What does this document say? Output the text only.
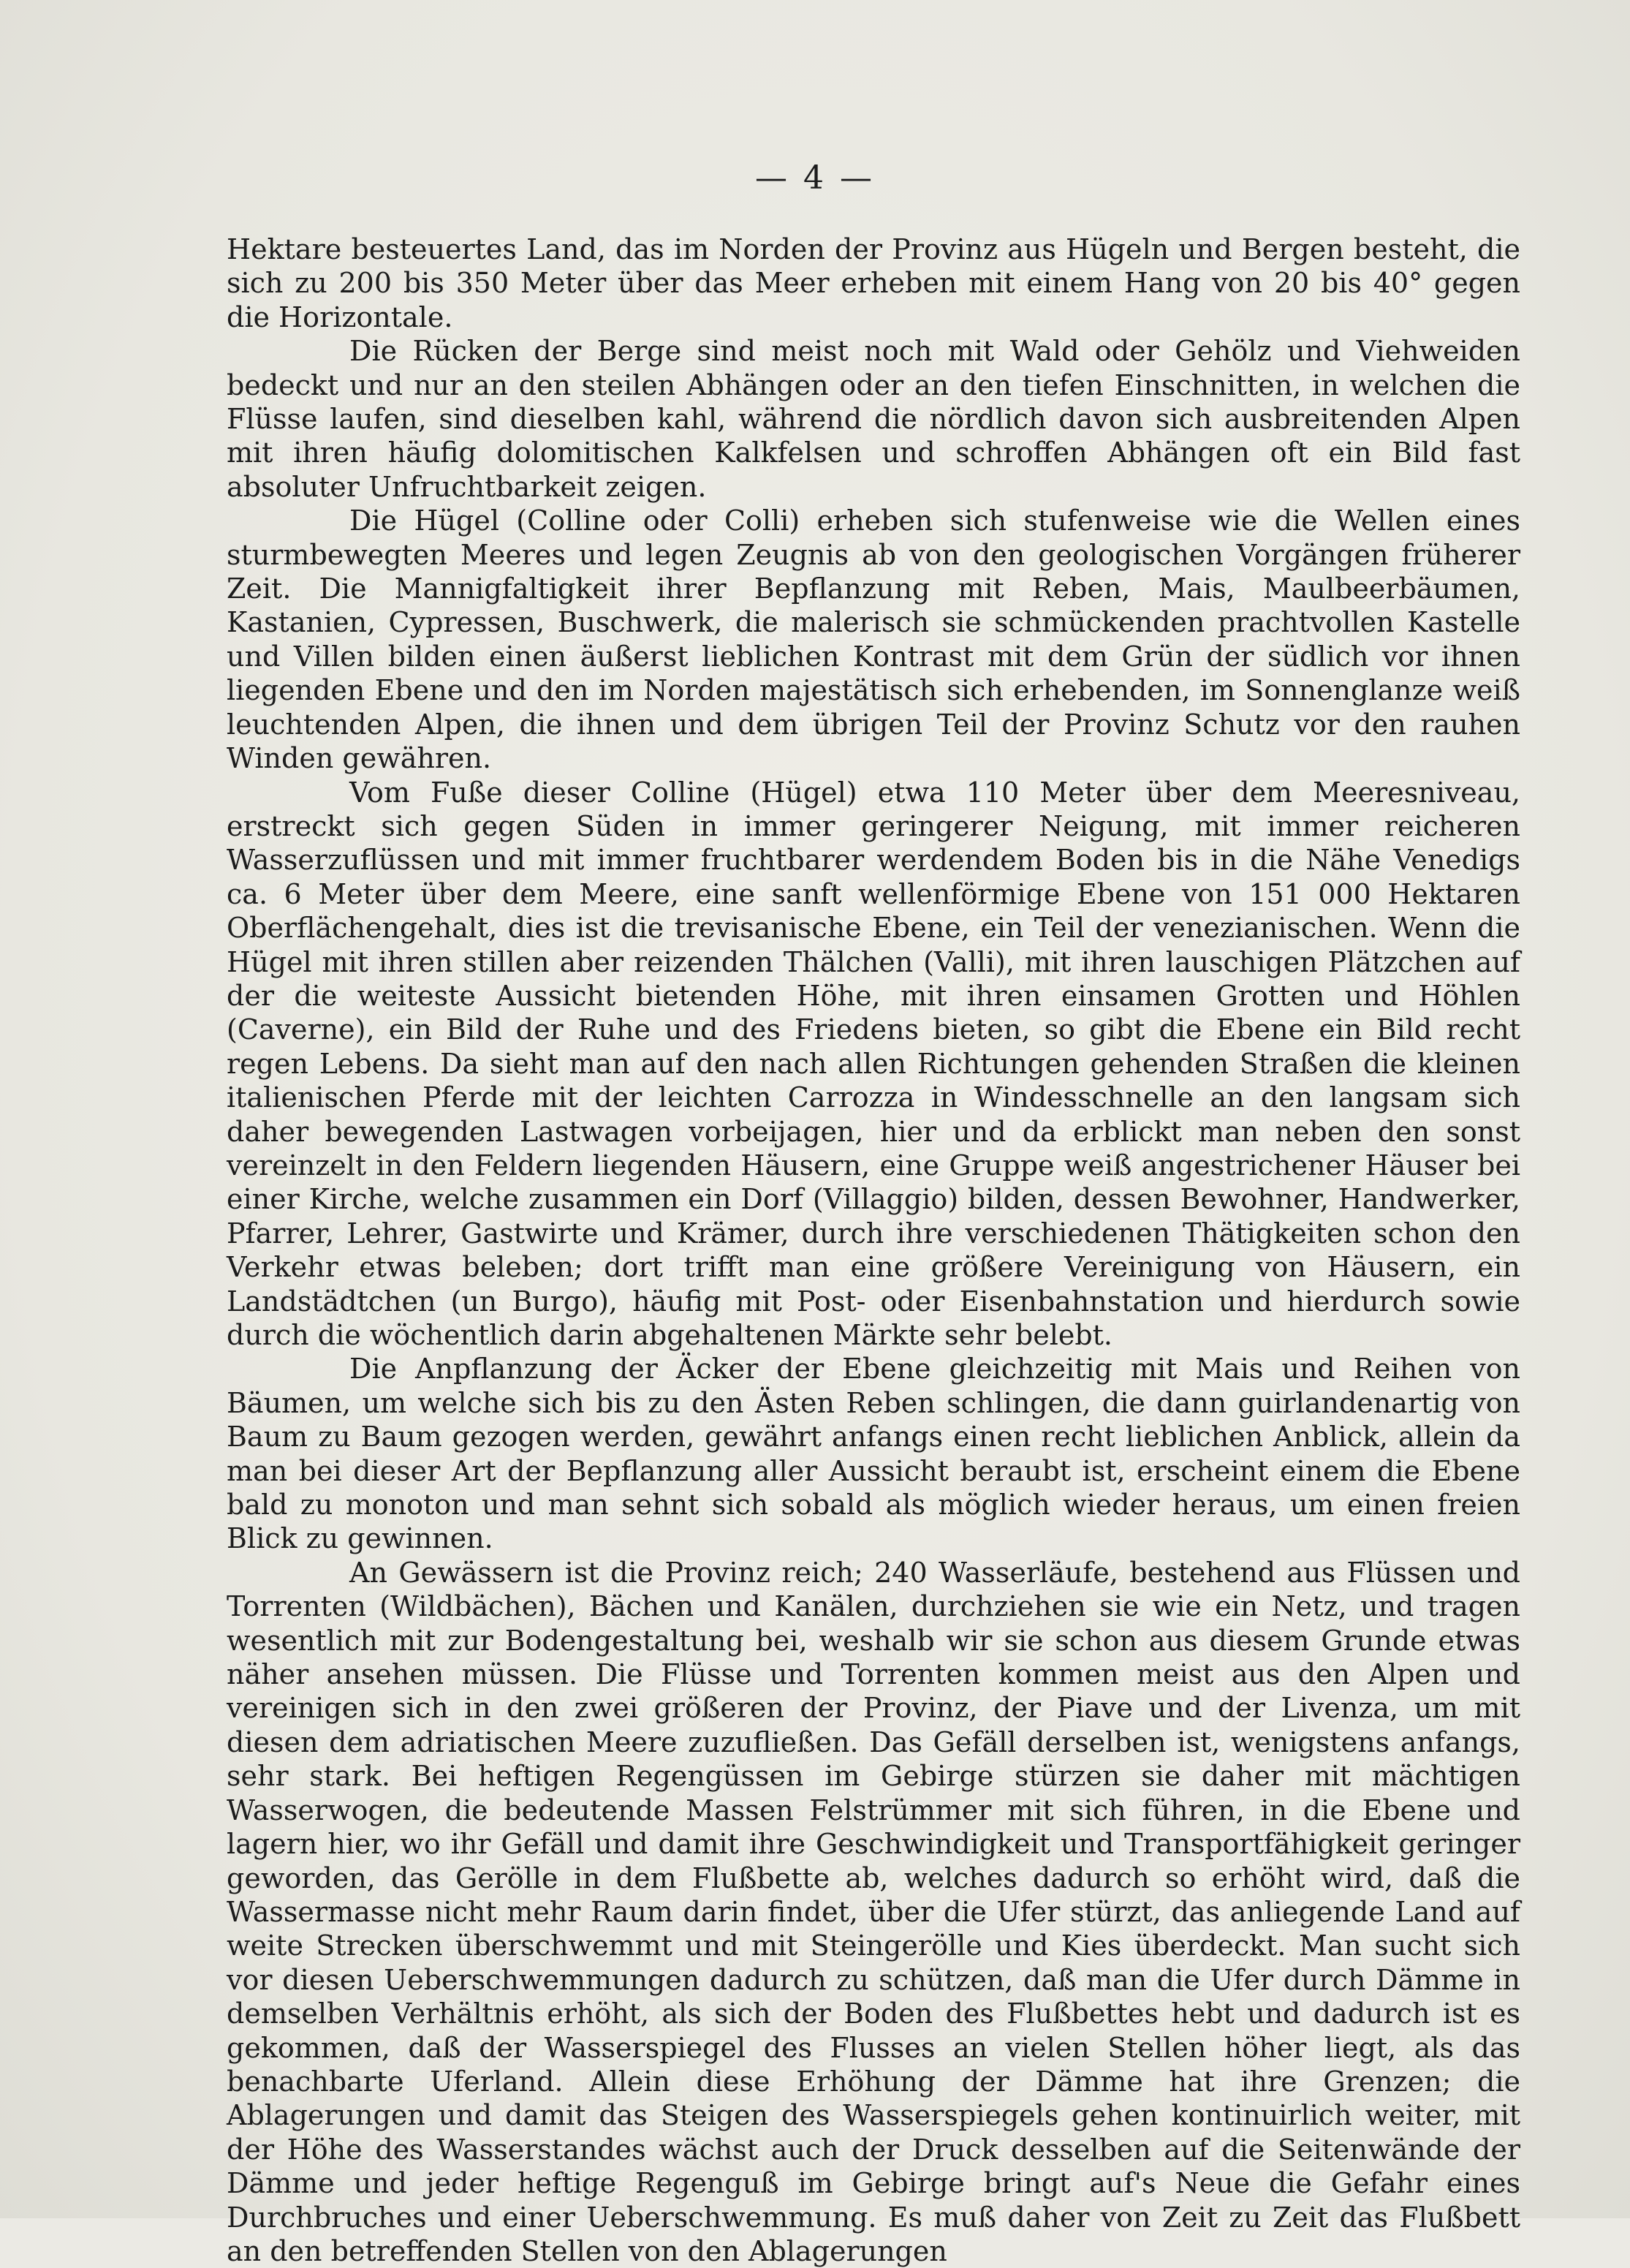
— 4 —

Hektare besteuertes Land, das im Norden der Provinz aus Hügeln und Bergen besteht, die sich zu 200 bis 350 Meter über das Meer erheben mit einem Hang von 20 bis 40° gegen die Horizontale.

Die Rücken der Berge sind meist noch mit Wald oder Gehölz und Viehweiden bedeckt und nur an den steilen Abhängen oder an den tiefen Einschnitten, in welchen die Flüsse laufen, sind dieselben kahl, während die nördlich davon sich ausbreitenden Alpen mit ihren häufig dolomitischen Kalkfelsen und schroffen Abhängen oft ein Bild fast absoluter Unfruchtbarkeit zeigen.

Die Hügel (Colline oder Colli) erheben sich stufenweise wie die Wellen eines sturmbewegten Meeres und legen Zeugnis ab von den geologischen Vorgängen früherer Zeit. Die Mannigfaltigkeit ihrer Bepflanzung mit Reben, Mais, Maulbeerbäumen, Kastanien, Cypressen, Buschwerk, die malerisch sie schmückenden prachtvollen Kastelle und Villen bilden einen äußerst lieblichen Kontrast mit dem Grün der südlich vor ihnen liegenden Ebene und den im Norden majestätisch sich erhebenden, im Sonnenglanze weiß leuchtenden Alpen, die ihnen und dem übrigen Teil der Provinz Schutz vor den rauhen Winden gewähren.

Vom Fuße dieser Colline (Hügel) etwa 110 Meter über dem Meeresniveau, erstreckt sich gegen Süden in immer geringerer Neigung, mit immer reicheren Wasserzuflüssen und mit immer fruchtbarer werdendem Boden bis in die Nähe Venedigs ca. 6 Meter über dem Meere, eine sanft wellenförmige Ebene von 151 000 Hektaren Oberflächengehalt, dies ist die trevisanische Ebene, ein Teil der venezianischen. Wenn die Hügel mit ihren stillen aber reizenden Thälchen (Valli), mit ihren lauschigen Plätzchen auf der die weiteste Aussicht bietenden Höhe, mit ihren einsamen Grotten und Höhlen (Caverne), ein Bild der Ruhe und des Friedens bieten, so gibt die Ebene ein Bild recht regen Lebens. Da sieht man auf den nach allen Richtungen gehenden Straßen die kleinen italienischen Pferde mit der leichten Carrozza in Windesschnelle an den langsam sich daher bewegenden Lastwagen vorbeijagen, hier und da erblickt man neben den sonst vereinzelt in den Feldern liegenden Häusern, eine Gruppe weiß angestrichener Häuser bei einer Kirche, welche zusammen ein Dorf (Villaggio) bilden, dessen Bewohner, Handwerker, Pfarrer, Lehrer, Gastwirte und Krämer, durch ihre verschiedenen Thätigkeiten schon den Verkehr etwas beleben; dort trifft man eine größere Vereinigung von Häusern, ein Landstädtchen (un Burgo), häufig mit Post- oder Eisenbahnstation und hierdurch sowie durch die wöchentlich darin abgehaltenen Märkte sehr belebt.

Die Anpflanzung der Äcker der Ebene gleichzeitig mit Mais und Reihen von Bäumen, um welche sich bis zu den Ästen Reben schlingen, die dann guirlandenartig von Baum zu Baum gezogen werden, gewährt anfangs einen recht lieblichen Anblick, allein da man bei dieser Art der Bepflanzung aller Aussicht beraubt ist, erscheint einem die Ebene bald zu monoton und man sehnt sich sobald als möglich wieder heraus, um einen freien Blick zu gewinnen.

An Gewässern ist die Provinz reich; 240 Wasserläufe, bestehend aus Flüssen und Torrenten (Wildbächen), Bächen und Kanälen, durchziehen sie wie ein Netz, und tragen wesentlich mit zur Bodengestaltung bei, weshalb wir sie schon aus diesem Grunde etwas näher ansehen müssen. Die Flüsse und Torrenten kommen meist aus den Alpen und vereinigen sich in den zwei größeren der Provinz, der Piave und der Livenza, um mit diesen dem adriatischen Meere zuzufließen. Das Gefäll derselben ist, wenigstens anfangs, sehr stark. Bei heftigen Regengüssen im Gebirge stürzen sie daher mit mächtigen Wasserwogen, die bedeutende Massen Felstrümmer mit sich führen, in die Ebene und lagern hier, wo ihr Gefäll und damit ihre Geschwindigkeit und Transportfähigkeit geringer geworden, das Gerölle in dem Flußbette ab, welches dadurch so erhöht wird, daß die Wassermasse nicht mehr Raum darin findet, über die Ufer stürzt, das anliegende Land auf weite Strecken überschwemmt und mit Steingerölle und Kies überdeckt. Man sucht sich vor diesen Ueberschwemmungen dadurch zu schützen, daß man die Ufer durch Dämme in demselben Verhältnis erhöht, als sich der Boden des Flußbettes hebt und dadurch ist es gekommen, daß der Wasserspiegel des Flusses an vielen Stellen höher liegt, als das benachbarte Uferland. Allein diese Erhöhung der Dämme hat ihre Grenzen; die Ablagerungen und damit das Steigen des Wasserspiegels gehen kontinuirlich weiter, mit der Höhe des Wasserstandes wächst auch der Druck desselben auf die Seitenwände der Dämme und jeder heftige Regenguß im Gebirge bringt auf's Neue die Gefahr eines Durchbruches und einer Ueberschwemmung. Es muß daher von Zeit zu Zeit das Flußbett an den betreffenden Stellen von den Ablagerungen
